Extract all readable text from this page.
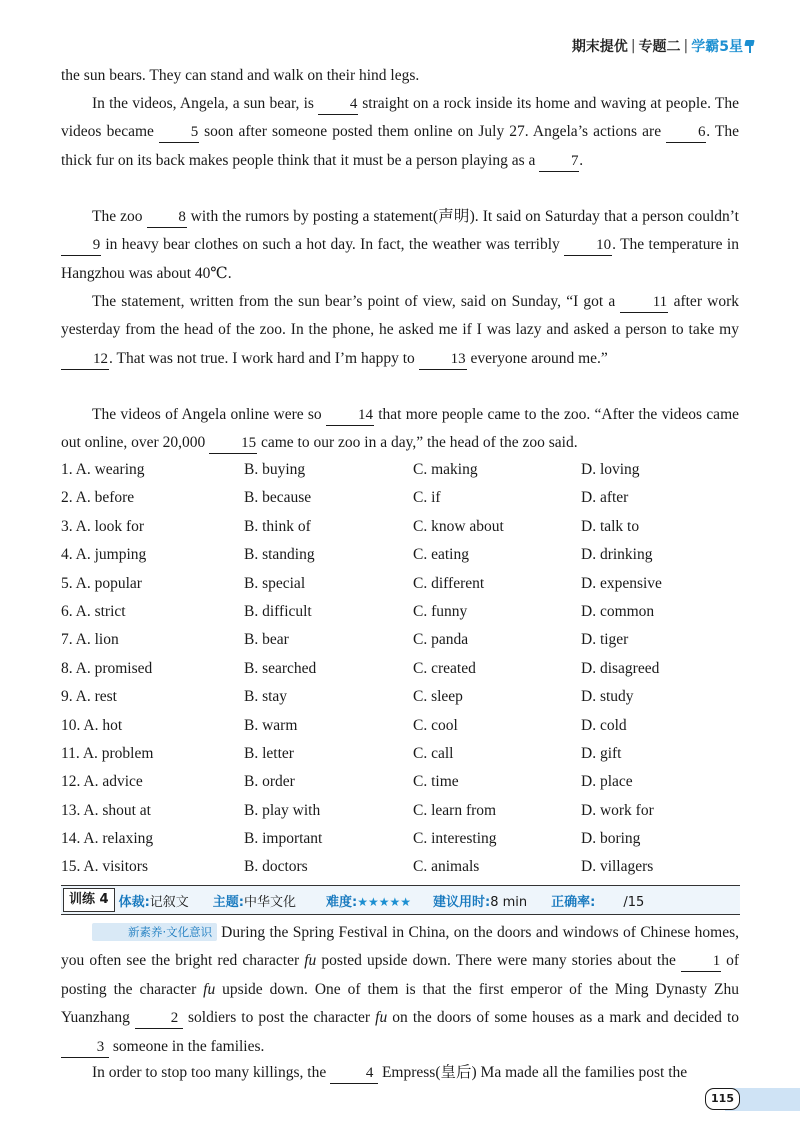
期末提优 | 专题二 | 学霸5星
the sun bears. They can stand and walk on their hind legs.
In the videos, Angela, a sun bear, is 4 straight on a rock inside its home and waving at people. The videos became 5 soon after someone posted them online on July 27. Angela’s actions are 6. The thick fur on its back makes people think that it must be a person playing as a 7.
The zoo 8 with the rumors by posting a statement(声明). It said on Saturday that a person couldn’t 9 in heavy bear clothes on such a hot day. In fact, the weather was terribly 10. The temperature in Hangzhou was about 40℃.
The statement, written from the sun bear’s point of view, said on Sunday, “I got a 11 after work yesterday from the head of the zoo. In the phone, he asked me if I was lazy and asked a person to take my 12. That was not true. I work hard and I’m happy to 13 everyone around me.”
The videos of Angela online were so 14 that more people came to the zoo. “After the videos came out online, over 20,000 15 came to our zoo in a day,” the head of the zoo said.
1. A. wearing	B. buying	C. making	D. loving
2. A. before	B. because	C. if	D. after
3. A. look for	B. think of	C. know about	D. talk to
4. A. jumping	B. standing	C. eating	D. drinking
5. A. popular	B. special	C. different	D. expensive
6. A. strict	B. difficult	C. funny	D. common
7. A. lion	B. bear	C. panda	D. tiger
8. A. promised	B. searched	C. created	D. disagreed
9. A. rest	B. stay	C. sleep	D. study
10. A. hot	B. warm	C. cool	D. cold
11. A. problem	B. letter	C. call	D. gift
12. A. advice	B. order	C. time	D. place
13. A. shout at	B. play with	C. learn from	D. work for
14. A. relaxing	B. important	C. interesting	D. boring
15. A. visitors	B. doctors	C. animals	D. villagers
训练 4 体裁:记叙文 主题:中华文化 难度:★★★★★ 建议用时:8 min 正确率: /15
新素养·文化意识 During the Spring Festival in China, on the doors and windows of Chinese homes, you often see the bright red character fu posted upside down. There were many stories about the 1 of posting the character fu upside down. One of them is that the first emperor of the Ming Dynasty Zhu Yuanzhang 2 soldiers to post the character fu on the doors of some houses as a mark and decided to 3 someone in the families.
In order to stop too many killings, the 4 Empress(皇后) Ma made all the families post the
115
